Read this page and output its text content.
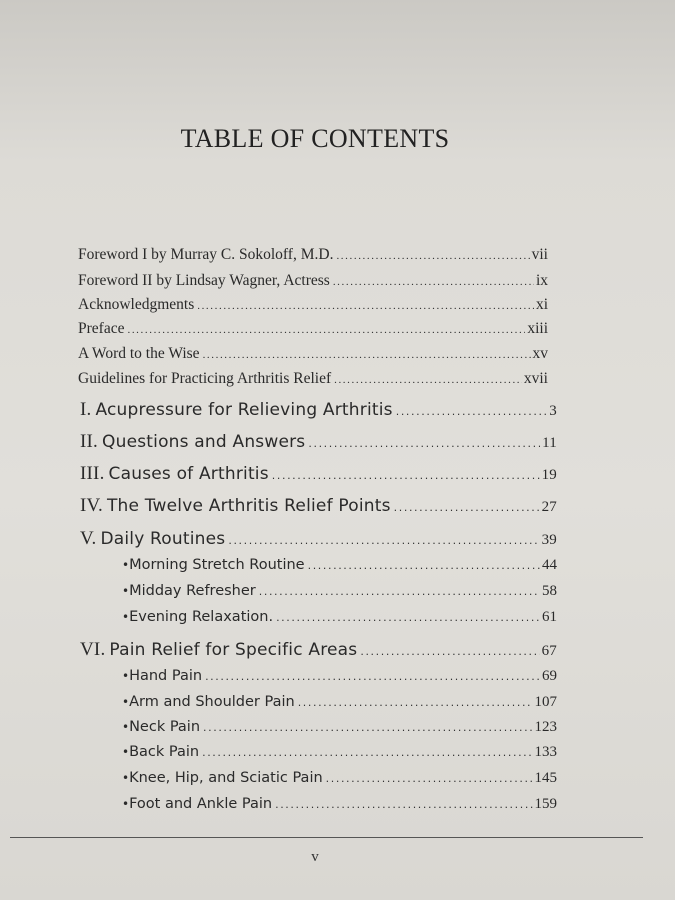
TABLE OF CONTENTS
Foreword I by Murray C. Sokoloff, M.D. .....	vii
Foreword II by Lindsay Wagner, Actress .....	ix
Acknowledgments .....	xi
Preface .....	xiii
A Word to the Wise .....	xv
Guidelines for Practicing Arthritis Relief .....	xvii
I. Acupressure for Relieving Arthritis .....	3
II. Questions and Answers .....	11
III. Causes of Arthritis .....	19
IV. The Twelve Arthritis Relief Points .....	27
V. Daily Routines .....	39
• Morning Stretch Routine .....	44
• Midday Refresher .....	58
• Evening Relaxation. .....	61
VI. Pain Relief for Specific Areas .....	67
• Hand Pain .....	69
• Arm and Shoulder Pain .....	107
• Neck Pain .....	123
• Back Pain .....	133
• Knee, Hip, and Sciatic Pain .....	145
• Foot and Ankle Pain .....	159
v
